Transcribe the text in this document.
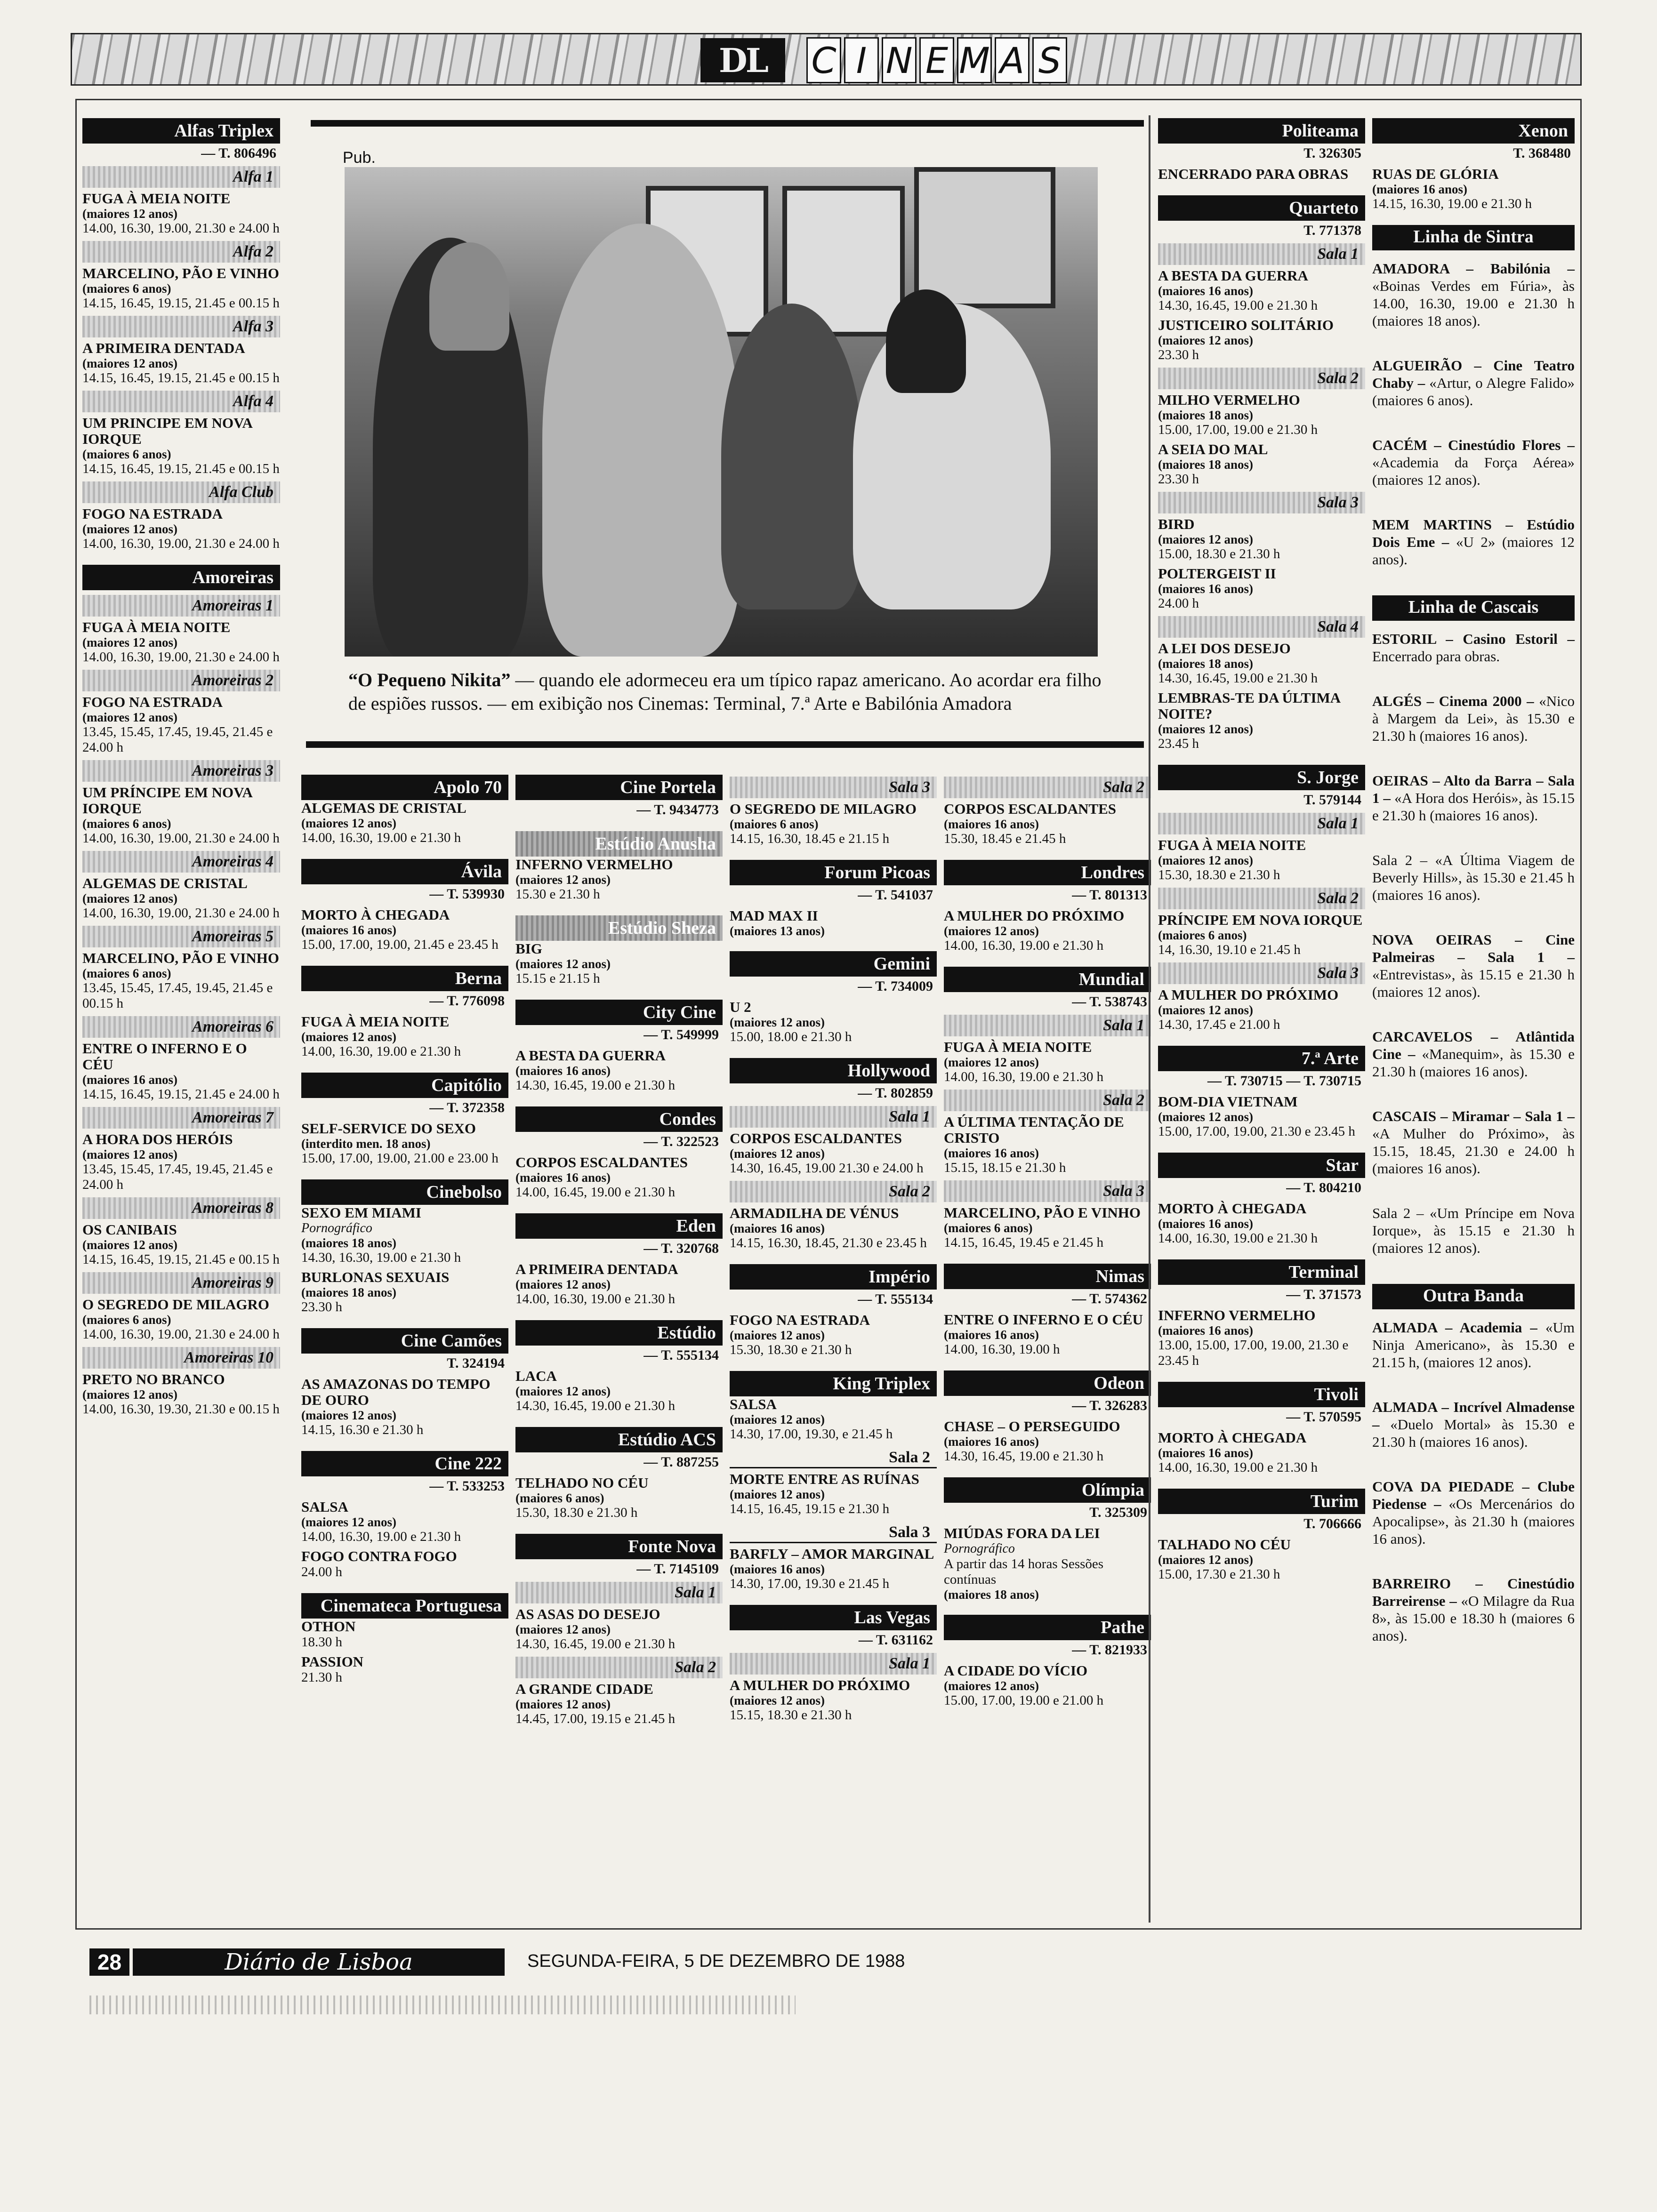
DL	C I N E M A S
Alfas Triplex
— T. 806496
Alfa 1
FUGA À MEIA NOITE
(maiores 12 anos)
14.00, 16.30, 19.00, 21.30 e 24.00 h
Alfa 2
MARCELINO, PÃO E VINHO
(maiores 6 anos)
14.15, 16.45, 19.15, 21.45 e 00.15 h
Alfa 3
A PRIMEIRA DENTADA
(maiores 12 anos)
14.15, 16.45, 19.15, 21.45 e 00.15 h
Alfa 4
UM PRINCIPE EM NOVA IORQUE
(maiores 6 anos)
14.15, 16.45, 19.15, 21.45 e 00.15 h
Alfa Club
FOGO NA ESTRADA
(maiores 12 anos)
14.00, 16.30, 19.00, 21.30 e 24.00 h
Amoreiras
Amoreiras 1
FUGA À MEIA NOITE
(maiores 12 anos)
14.00, 16.30, 19.00, 21.30 e 24.00 h
Amoreiras 2
FOGO NA ESTRADA
(maiores 12 anos)
13.45, 15.45, 17.45, 19.45, 21.45 e 24.00 h
Amoreiras 3
UM PRÍNCIPE EM NOVA IORQUE
(maiores 6 anos)
14.00, 16.30, 19.00, 21.30 e 24.00 h
Amoreiras 4
ALGEMAS DE CRISTAL
(maiores 12 anos)
14.00, 16.30, 19.00, 21.30 e 24.00 h
Amoreiras 5
MARCELINO, PÃO E VINHO
(maiores 6 anos)
13.45, 15.45, 17.45, 19.45, 21.45 e 00.15 h
Amoreiras 6
ENTRE O INFERNO E O CÉU
(maiores 16 anos)
14.15, 16.45, 19.15, 21.45 e 24.00 h
Amoreiras 7
A HORA DOS HERÓIS
(maiores 12 anos)
13.45, 15.45, 17.45, 19.45, 21.45 e 24.00 h
Amoreiras 8
OS CANIBAIS
(maiores 12 anos)
14.15, 16.45, 19.15, 21.45 e 00.15 h
Amoreiras 9
O SEGREDO DE MILAGRO
(maiores 6 anos)
14.00, 16.30, 19.00, 21.30 e 24.00 h
Amoreiras 10
PRETO NO BRANCO
(maiores 12 anos)
14.00, 16.30, 19.30, 21.30 e 00.15 h
Apolo 70
ALGEMAS DE CRISTAL
(maiores 12 anos)
14.00, 16.30, 19.00 e 21.30 h
Ávila
— T. 539930
MORTO À CHEGADA
(maiores 16 anos)
15.00, 17.00, 19.00, 21.45 e 23.45 h
Berna
— T. 776098
FUGA À MEIA NOITE
(maiores 12 anos)
14.00, 16.30, 19.00 e 21.30 h
Capitólio
— T. 372358
SELF-SERVICE DO SEXO
(interdito men. 18 anos)
15.00, 17.00, 19.00, 21.00 e 23.00 h
Cinebolso
SEXO EM MIAMI
Pornográfico
(maiores 18 anos)
14.30, 16.30, 19.00 e 21.30 h
BURLONAS SEXUAIS
(maiores 18 anos)
23.30 h
Cine Camões
T. 324194
AS AMAZONAS DO TEMPO DE OURO
(maiores 12 anos)
14.15, 16.30 e 21.30 h
Cine 222
— T. 533253
SALSA
(maiores 12 anos)
14.00, 16.30, 19.00 e 21.30 h
FOGO CONTRA FOGO
24.00 h
Cinemateca Portuguesa
OTHON
18.30 h
PASSION
21.30 h
Cine Portela
— T. 9434773
Estúdio Anusha
INFERNO VERMELHO
(maiores 12 anos)
15.30 e 21.30 h
Estúdio Sheza
BIG
(maiores 12 anos)
15.15 e 21.15 h
City Cine
— T. 549999
A BESTA DA GUERRA
(maiores 16 anos)
14.30, 16.45, 19.00 e 21.30 h
Condes
— T. 322523
CORPOS ESCALDANTES
(maiores 16 anos)
14.00, 16.45, 19.00 e 21.30 h
Eden
— T. 320768
A PRIMEIRA DENTADA
(maiores 12 anos)
14.00, 16.30, 19.00 e 21.30 h
Estúdio
— T. 555134
LACA
(maiores 12 anos)
14.30, 16.45, 19.00 e 21.30 h
Estúdio ACS
— T. 887255
TELHADO NO CÉU
(maiores 6 anos)
15.30, 18.30 e 21.30 h
Fonte Nova
— T. 7145109
Sala 1
AS ASAS DO DESEJO
(maiores 12 anos)
14.30, 16.45, 19.00 e 21.30 h
Sala 2
A GRANDE CIDADE
(maiores 12 anos)
14.45, 17.00, 19.15 e 21.45 h
Sala 3
O SEGREDO DE MILAGRO
(maiores 6 anos)
14.15, 16.30, 18.45 e 21.15 h
Forum Picoas
— T. 541037
MAD MAX II
(maiores 13 anos)
Gemini
— T. 734009
U 2
(maiores 12 anos)
15.00, 18.00 e 21.30 h
Hollywood
— T. 802859
Sala 1
CORPOS ESCALDANTES
(maiores 12 anos)
14.30, 16.45, 19.00 21.30 e 24.00 h
Sala 2
ARMADILHA DE VÉNUS
(maiores 16 anos)
14.15, 16.30, 18.45, 21.30 e 23.45 h
Império
— T. 555134
FOGO NA ESTRADA
(maiores 12 anos)
15.30, 18.30 e 21.30 h
King Triplex
SALSA
(maiores 12 anos)
14.30, 17.00, 19.30, e 21.45 h
Sala 2
MORTE ENTRE AS RUÍNAS
(maiores 12 anos)
14.15, 16.45, 19.15 e 21.30 h
Sala 3
BARFLY – AMOR MARGINAL
(maiores 16 anos)
14.30, 17.00, 19.30 e 21.45 h
Las Vegas
— T. 631162
Sala 1
A MULHER DO PRÓXIMO
(maiores 12 anos)
15.15, 18.30 e 21.30 h
Sala 2
CORPOS ESCALDANTES
(maiores 16 anos)
15.30, 18.45 e 21.45 h
Londres
— T. 801313
A MULHER DO PRÓXIMO
(maiores 12 anos)
14.00, 16.30, 19.00 e 21.30 h
Mundial
— T. 538743
Sala 1
FUGA À MEIA NOITE
(maiores 12 anos)
14.00, 16.30, 19.00 e 21.30 h
Sala 2
A ÚLTIMA TENTAÇÃO DE CRISTO
(maiores 16 anos)
15.15, 18.15 e 21.30 h
Sala 3
MARCELINO, PÃO E VINHO
(maiores 6 anos)
14.15, 16.45, 19.45 e 21.45 h
Nimas
— T. 574362
ENTRE O INFERNO E O CÉU
(maiores 16 anos)
14.00, 16.30, 19.00 h
Odeon
— T. 326283
CHASE – O PERSEGUIDO
(maiores 16 anos)
14.30, 16.45, 19.00 e 21.30 h
Olímpia
T. 325309
MIÚDAS FORA DA LEI
Pornográfico
A partir das 14 horas Sessões contínuas
(maiores 18 anos)
Pathe
— T. 821933
A CIDADE DO VÍCIO
(maiores 12 anos)
15.00, 17.00, 19.00 e 21.00 h
Politeama
T. 326305
ENCERRADO PARA OBRAS
Quarteto
T. 771378
Sala 1
A BESTA DA GUERRA
(maiores 16 anos)
14.30, 16.45, 19.00 e 21.30 h
JUSTICEIRO SOLITÁRIO
(maiores 12 anos)
23.30 h
Sala 2
MILHO VERMELHO
(maiores 18 anos)
15.00, 17.00, 19.00 e 21.30 h
A SEIA DO MAL
(maiores 18 anos)
23.30 h
Sala 3
BIRD
(maiores 12 anos)
15.00, 18.30 e 21.30 h
POLTERGEIST II
(maiores 16 anos)
24.00 h
Sala 4
A LEI DOS DESEJO
(maiores 18 anos)
14.30, 16.45, 19.00 e 21.30 h
LEMBRAS-TE DA ÚLTIMA NOITE?
(maiores 12 anos)
23.45 h
S. Jorge
T. 579144
Sala 1
FUGA À MEIA NOITE
(maiores 12 anos)
15.30, 18.30 e 21.30 h
Sala 2
PRÍNCIPE EM NOVA IORQUE
(maiores 6 anos)
14, 16.30, 19.10 e 21.45 h
Sala 3
A MULHER DO PRÓXIMO
(maiores 12 anos)
14.30, 17.45 e 21.00 h
7.ª Arte
— T. 730715 — T. 730715
BOM-DIA VIETNAM
(maiores 12 anos)
15.00, 17.00, 19.00, 21.30 e 23.45 h
Star
— T. 804210
MORTO À CHEGADA
(maiores 16 anos)
14.00, 16.30, 19.00 e 21.30 h
Terminal
— T. 371573
INFERNO VERMELHO
(maiores 16 anos)
13.00, 15.00, 17.00, 19.00, 21.30 e 23.45 h
Tivoli
— T. 570595
MORTO À CHEGADA
(maiores 16 anos)
14.00, 16.30, 19.00 e 21.30 h
Turim
T. 706666
TALHADO NO CÉU
(maiores 12 anos)
15.00, 17.30 e 21.30 h
Xenon
T. 368480
RUAS DE GLÓRIA
(maiores 16 anos)
14.15, 16.30, 19.00 e 21.30 h
Linha de Sintra
AMADORA – Babilónia – «Boinas Verdes em Fúria», às 14.00, 16.30, 19.00 e 21.30 h (maiores 18 anos).
ALGUEIRÃO – Cine Teatro Chaby – «Artur, o Alegre Falido» (maiores 6 anos).
CACÉM – Cinestúdio Flores – «Academia da Força Aérea» (maiores 12 anos).
MEM MARTINS – Estúdio Dois Eme – «U 2» (maiores 12 anos).
Linha de Cascais
ESTORIL – Casino Estoril – Encerrado para obras.
ALGÉS – Cinema 2000 – «Nico à Margem da Lei», às 15.30 e 21.30 h (maiores 16 anos).
OEIRAS – Alto da Barra – Sala 1 – «A Hora dos Heróis», às 15.15 e 21.30 h (maiores 16 anos).
Sala 2 – «A Última Viagem de Beverly Hills», às 15.30 e 21.45 h (maiores 16 anos).
NOVA OEIRAS – Cine Palmeiras – Sala 1 – «Entrevistas», às 15.15 e 21.30 h (maiores 12 anos).
CARCAVELOS – Atlântida Cine – «Manequim», às 15.30 e 21.30 h (maiores 16 anos).
CASCAIS – Miramar – Sala 1 – «A Mulher do Próximo», às 15.15, 18.45, 21.30 e 24.00 h (maiores 16 anos).
Sala 2 – «Um Príncipe em Nova Iorque», às 15.15 e 21.30 h (maiores 12 anos).
Outra Banda
ALMADA – Academia – «Um Ninja Americano», às 15.30 e 21.15 h, (maiores 12 anos).
ALMADA – Incrível Almadense – «Duelo Mortal» às 15.30 e 21.30 h (maiores 16 anos).
COVA DA PIEDADE – Clube Piedense – «Os Mercenários do Apocalipse», às 21.30 h (maiores 16 anos).
BARREIRO – Cinestúdio Barreirense – «O Milagre da Rua 8», às 15.00 e 18.30 h (maiores 6 anos).
Pub.
“O Pequeno Nikita” — quando ele adormeceu era um típico rapaz americano. Ao acordar era filho de espiões russos. — em exibição nos Cinemas: Terminal, 7.ª Arte e Babilónia Amadora
28	Diário de Lisboa	SEGUNDA-FEIRA, 5 DE DEZEMBRO DE 1988
